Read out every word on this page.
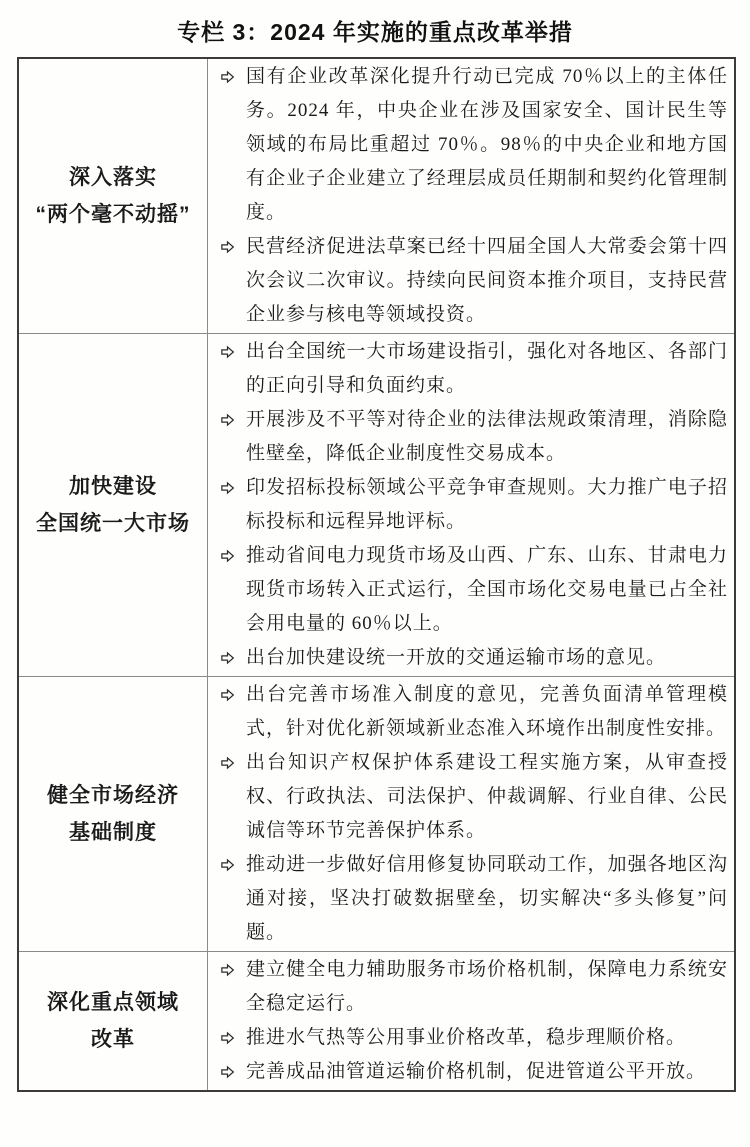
专栏 3：2024 年实施的重点改革举措
深入落实
“两个毫不动摇”
国有企业改革深化提升行动已完成 70％以上的主体任务。2024 年，中央企业在涉及国家安全、国计民生等领域的布局比重超过 70％。98％的中央企业和地方国有企业子企业建立了经理层成员任期制和契约化管理制度。
民营经济促进法草案已经十四届全国人大常委会第十四次会议二次审议。持续向民间资本推介项目，支持民营企业参与核电等领域投资。
加快建设
全国统一大市场
出台全国统一大市场建设指引，强化对各地区、各部门的正向引导和负面约束。
开展涉及不平等对待企业的法律法规政策清理，消除隐性壁垒，降低企业制度性交易成本。
印发招标投标领域公平竞争审查规则。大力推广电子招标投标和远程异地评标。
推动省间电力现货市场及山西、广东、山东、甘肃电力现货市场转入正式运行，全国市场化交易电量已占全社会用电量的 60％以上。
出台加快建设统一开放的交通运输市场的意见。
健全市场经济
基础制度
出台完善市场准入制度的意见，完善负面清单管理模式，针对优化新领域新业态准入环境作出制度性安排。
出台知识产权保护体系建设工程实施方案，从审查授权、行政执法、司法保护、仲裁调解、行业自律、公民诚信等环节完善保护体系。
推动进一步做好信用修复协同联动工作，加强各地区沟通对接，坚决打破数据壁垒，切实解决“多头修复”问题。
深化重点领域
改革
建立健全电力辅助服务市场价格机制，保障电力系统安全稳定运行。
推进水气热等公用事业价格改革，稳步理顺价格。
完善成品油管道运输价格机制，促进管道公平开放。
